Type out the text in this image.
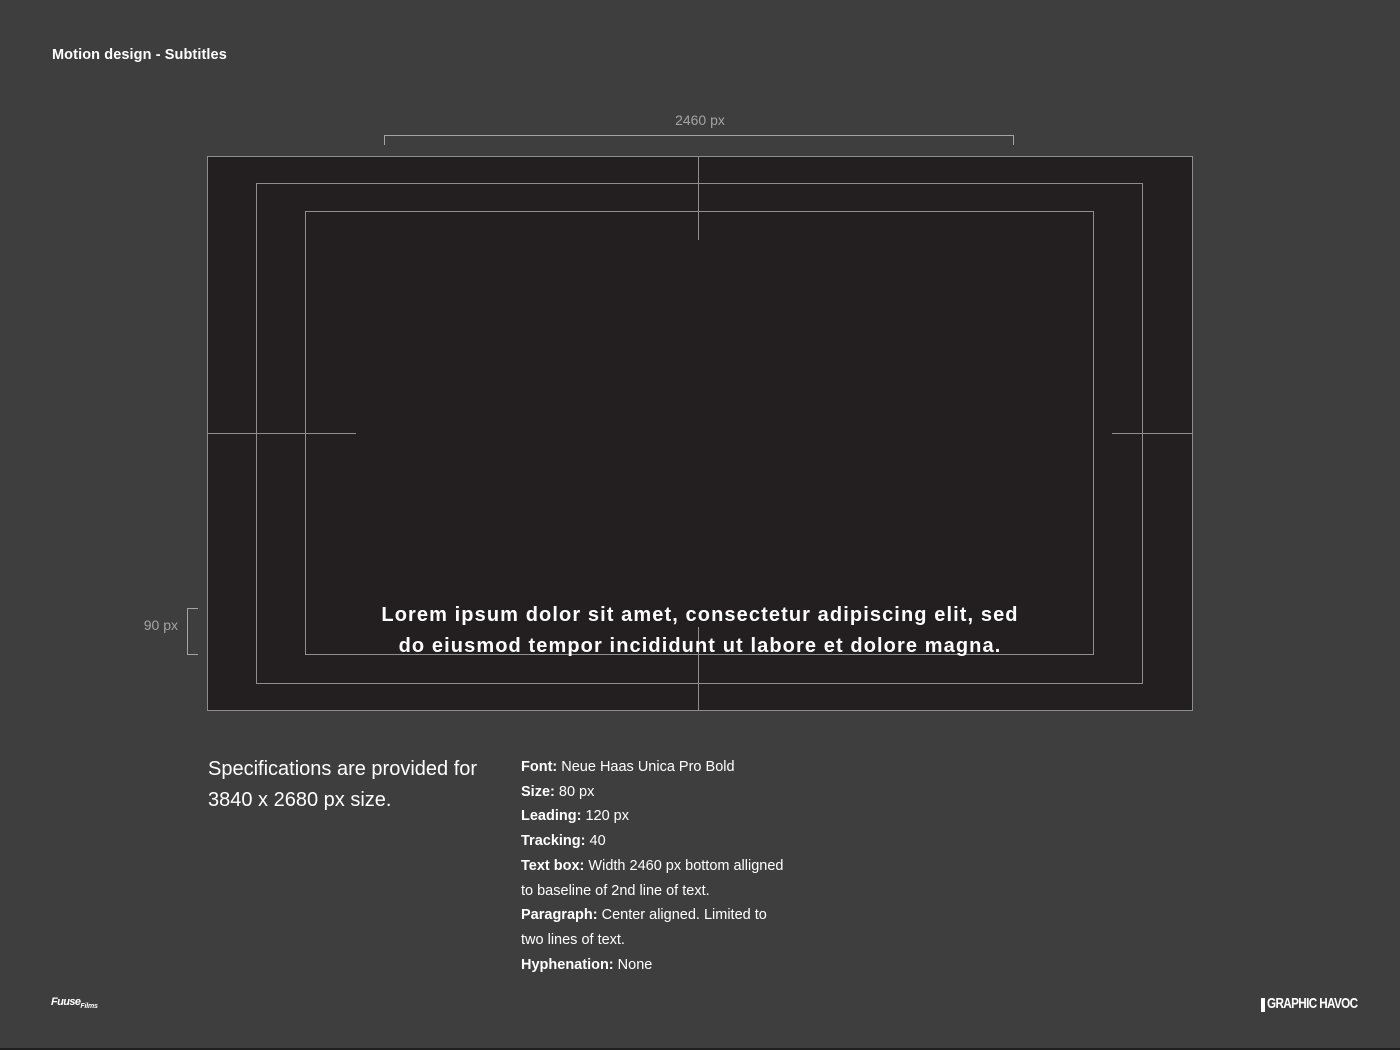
Motion design - Subtitles
2460 px
90 px	Lorem ipsum dolor sit amet, consectetur adipiscing elit, sed
do eiusmod tempor incididunt ut labore et dolore magna.
Specifications are provided for
3840 x 2680 px size.
Font: Neue Haas Unica Pro Bold
Size: 80 px
Leading: 120 px
Tracking: 40
Text box: Width 2460 px bottom alligned
to baseline of 2nd line of text.
Paragraph: Center aligned. Limited to
two lines of text.
Hyphenation: None
Fuuse$_{Films}$	GRAPHIC HAVOC
